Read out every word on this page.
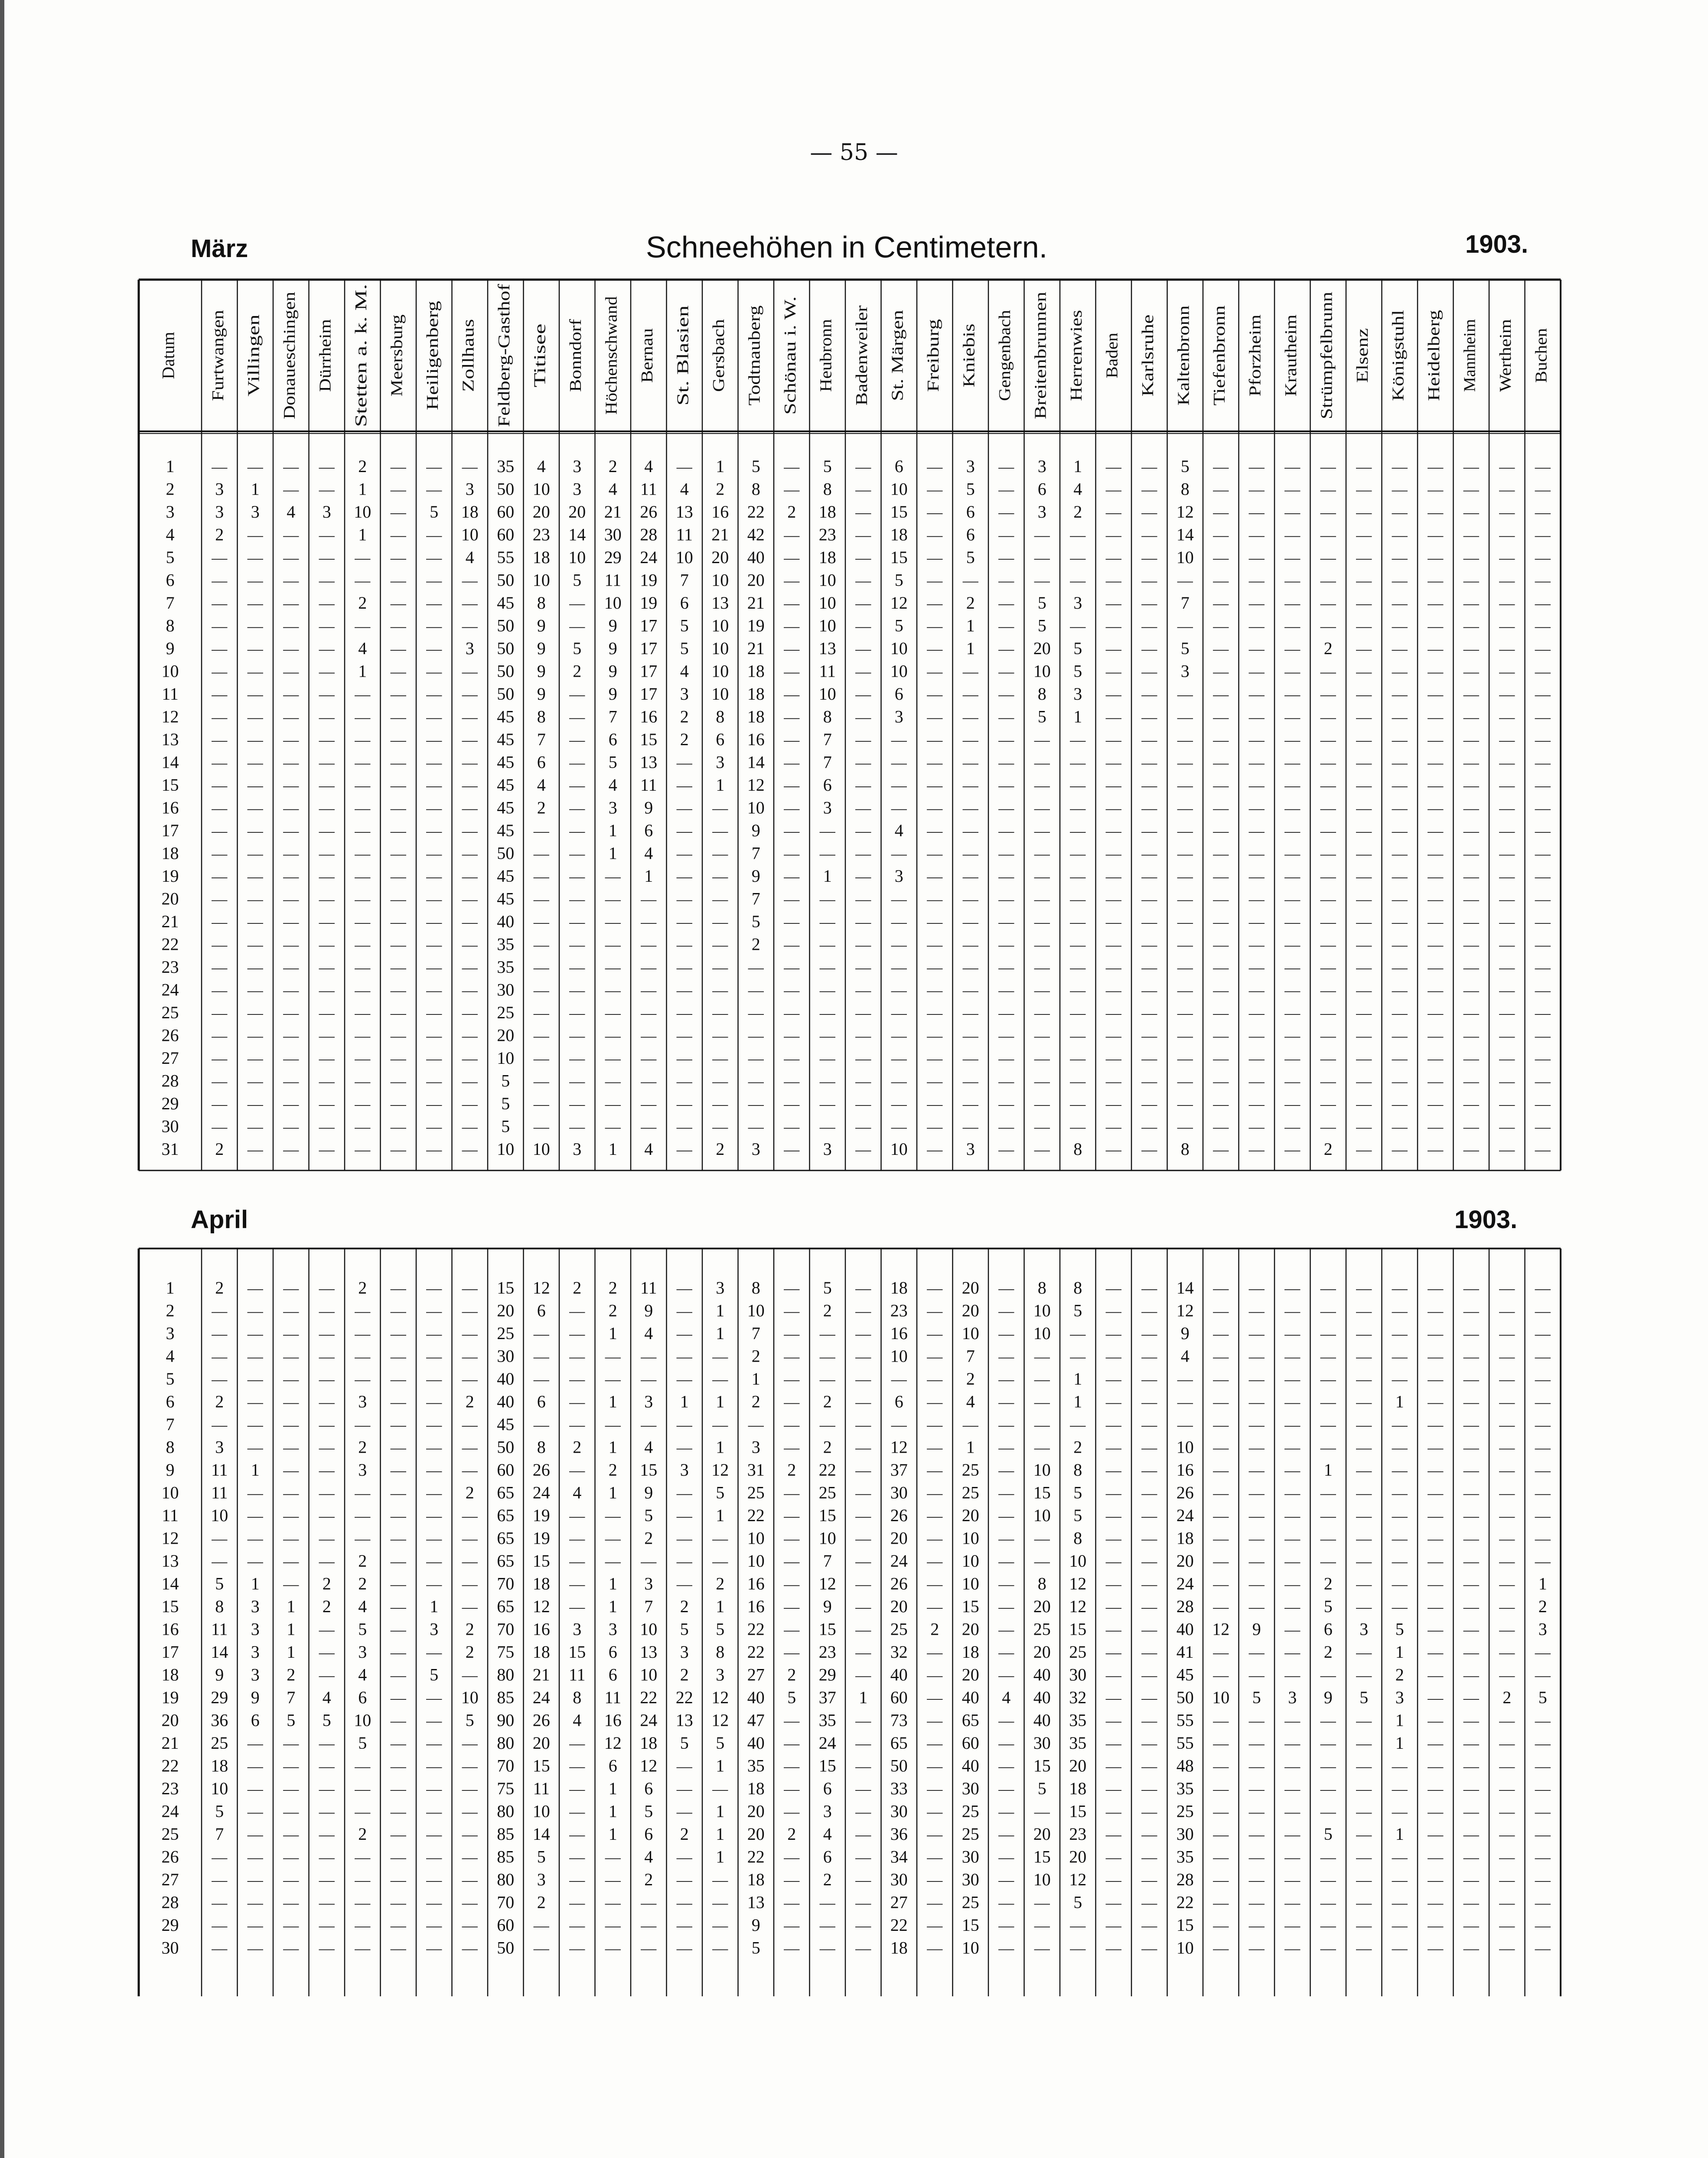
— 55 —
März	Schneehöhen in Centimetern.	1903.
April	1903.
Datum Furtwangen Villingen Donaueschingen Dürrheim Stetten a. k. M. Meersburg Heiligenberg Zollhaus Feldberg-Gasthof Titisee Bonndorf Höchenschwand Bernau St. Blasien Gersbach Todtnauberg Schönau i. W. Heubronn Badenweiler St. Märgen Freiburg Kniebis Gengenbach Breitenbrunnen Herrenwies Baden Karlsruhe Kaltenbronn Tiefenbronn Pforzheim Krautheim Strümpfelbrunn Elsenz Königstuhl Heidelberg Mannheim Wertheim Buchen
1 — — — — 2 — — — 35 4 3 2 4 — 1 5 — 5 — 6 — 3 — 3 1 — — 5 — — — — — — — — — —
2 3 1 — — 1 — — 3 50 10 3 4 11 4 2 8 — 8 — 10 — 5 — 6 4 — — 8 — — — — — — — — — —
3 3 3 4 3 10 — 5 18 60 20 20 21 26 13 16 22 2 18 — 15 — 6 — 3 2 — — 12 — — — — — — — — — —
4 2 — — — 1 — — 10 60 23 14 30 28 11 21 42 — 23 — 18 — 6 — — — — — 14 — — — — — — — — — —
5 — — — — — — — 4 55 18 10 29 24 10 20 40 — 18 — 15 — 5 — — — — — 10 — — — — — — — — — —
6 — — — — — — — — 50 10 5 11 19 7 10 20 — 10 — 5 — — — — — — — — — — — — — — — — — —
7 — — — — 2 — — — 45 8 — 10 19 6 13 21 — 10 — 12 — 2 — 5 3 — — 7 — — — — — — — — — —
8 — — — — — — — — 50 9 — 9 17 5 10 19 — 10 — 5 — 1 — 5 — — — — — — — — — — — — — —
9 — — — — 4 — — 3 50 9 5 9 17 5 10 21 — 13 — 10 — 1 — 20 5 — — 5 — — — 2 — — — — — —
10 — — — — 1 — — — 50 9 2 9 17 4 10 18 — 11 — 10 — — — 10 5 — — 3 — — — — — — — — — —
11 — — — — — — — — 50 9 — 9 17 3 10 18 — 10 — 6 — — — 8 3 — — — — — — — — — — — — —
12 — — — — — — — — 45 8 — 7 16 2 8 18 — 8 — 3 — — — 5 1 — — — — — — — — — — — — —
13 — — — — — — — — 45 7 — 6 15 2 6 16 — 7 — — — — — — — — — — — — — — — — — — — —
14 — — — — — — — — 45 6 — 5 13 — 3 14 — 7 — — — — — — — — — — — — — — — — — — — —
15 — — — — — — — — 45 4 — 4 11 — 1 12 — 6 — — — — — — — — — — — — — — — — — — — —
16 — — — — — — — — 45 2 — 3 9 — — 10 — 3 — — — — — — — — — — — — — — — — — — — —
17 — — — — — — — — 45 — — 1 6 — — 9 — — — 4 — — — — — — — — — — — — — — — — — —
18 — — — — — — — — 50 — — 1 4 — — 7 — — — — — — — — — — — — — — — — — — — — — —
19 — — — — — — — — 45 — — — 1 — — 9 — 1 — 3 — — — — — — — — — — — — — — — — — —
20 — — — — — — — — 45 — — — — — — 7 — — — — — — — — — — — — — — — — — — — — — —
21 — — — — — — — — 40 — — — — — — 5 — — — — — — — — — — — — — — — — — — — — — —
22 — — — — — — — — 35 — — — — — — 2 — — — — — — — — — — — — — — — — — — — — — —
23 — — — — — — — — 35 — — — — — — — — — — — — — — — — — — — — — — — — — — — — —
24 — — — — — — — — 30 — — — — — — — — — — — — — — — — — — — — — — — — — — — — —
25 — — — — — — — — 25 — — — — — — — — — — — — — — — — — — — — — — — — — — — — —
26 — — — — — — — — 20 — — — — — — — — — — — — — — — — — — — — — — — — — — — — —
27 — — — — — — — — 10 — — — — — — — — — — — — — — — — — — — — — — — — — — — — —
28 — — — — — — — — 5 — — — — — — — — — — — — — — — — — — — — — — — — — — — — —
29 — — — — — — — — 5 — — — — — — — — — — — — — — — — — — — — — — — — — — — — —
30 — — — — — — — — 5 — — — — — — — — — — — — — — — — — — — — — — — — — — — — —
31 2 — — — — — — — 10 10 3 1 4 — 2 3 — 3 — 10 — 3 — — 8 — — 8 — — — 2 — — — — — —
1 2 — — — 2 — — — 15 12 2 2 11 — 3 8 — 5 — 18 — 20 — 8 8 — — 14 — — — — — — — — — —
2 — — — — — — — — 20 6 — 2 9 — 1 10 — 2 — 23 — 20 — 10 5 — — 12 — — — — — — — — — —
3 — — — — — — — — 25 — — 1 4 — 1 7 — — — 16 — 10 — 10 — — — 9 — — — — — — — — — —
4 — — — — — — — — 30 — — — — — — 2 — — — 10 — 7 — — — — — 4 — — — — — — — — — —
5 — — — — — — — — 40 — — — — — — 1 — — — — — 2 — — 1 — — — — — — — — — — — — —
6 2 — — — 3 — — 2 40 6 — 1 3 1 1 2 — 2 — 6 — 4 — — 1 — — — — — — — — 1 — — — —
7 — — — — — — — — 45 — — — — — — — — — — — — — — — — — — — — — — — — — — — — —
8 3 — — — 2 — — — 50 8 2 1 4 — 1 3 — 2 — 12 — 1 — — 2 — — 10 — — — — — — — — — —
9 11 1 — — 3 — — — 60 26 — 2 15 3 12 31 2 22 — 37 — 25 — 10 8 — — 16 — — — 1 — — — — — —
10 11 — — — — — — 2 65 24 4 1 9 — 5 25 — 25 — 30 — 25 — 15 5 — — 26 — — — — — — — — — —
11 10 — — — — — — — 65 19 — — 5 — 1 22 — 15 — 26 — 20 — 10 5 — — 24 — — — — — — — — — —
12 — — — — — — — — 65 19 — — 2 — — 10 — 10 — 20 — 10 — — 8 — — 18 — — — — — — — — — —
13 — — — — 2 — — — 65 15 — — — — — 10 — 7 — 24 — 10 — — 10 — — 20 — — — — — — — — — —
14 5 1 — 2 2 — — — 70 18 — 1 3 — 2 16 — 12 — 26 — 10 — 8 12 — — 24 — — — 2 — — — — — 1
15 8 3 1 2 4 — 1 — 65 12 — 1 7 2 1 16 — 9 — 20 — 15 — 20 12 — — 28 — — — 5 — — — — — 2
16 11 3 1 — 5 — 3 2 70 16 3 3 10 5 5 22 — 15 — 25 2 20 — 25 15 — — 40 12 9 — 6 3 5 — — — 3
17 14 3 1 — 3 — — 2 75 18 15 6 13 3 8 22 — 23 — 32 — 18 — 20 25 — — 41 — — — 2 — 1 — — — —
18 9 3 2 — 4 — 5 — 80 21 11 6 10 2 3 27 2 29 — 40 — 20 — 40 30 — — 45 — — — — — 2 — — — —
19 29 9 7 4 6 — — 10 85 24 8 11 22 22 12 40 5 37 1 60 — 40 4 40 32 — — 50 10 5 3 9 5 3 — — 2 5
20 36 6 5 5 10 — — 5 90 26 4 16 24 13 12 47 — 35 — 73 — 65 — 40 35 — — 55 — — — — — 1 — — — —
21 25 — — — 5 — — — 80 20 — 12 18 5 5 40 — 24 — 65 — 60 — 30 35 — — 55 — — — — — 1 — — — —
22 18 — — — — — — — 70 15 — 6 12 — 1 35 — 15 — 50 — 40 — 15 20 — — 48 — — — — — — — — — —
23 10 — — — — — — — 75 11 — 1 6 — — 18 — 6 — 33 — 30 — 5 18 — — 35 — — — — — — — — — —
24 5 — — — — — — — 80 10 — 1 5 — 1 20 — 3 — 30 — 25 — — 15 — — 25 — — — — — — — — — —
25 7 — — — 2 — — — 85 14 — 1 6 2 1 20 2 4 — 36 — 25 — 20 23 — — 30 — — — 5 — 1 — — — —
26 — — — — — — — — 85 5 — — 4 — 1 22 — 6 — 34 — 30 — 15 20 — — 35 — — — — — — — — — —
27 — — — — — — — — 80 3 — — 2 — — 18 — 2 — 30 — 30 — 10 12 — — 28 — — — — — — — — — —
28 — — — — — — — — 70 2 — — — — — 13 — — — 27 — 25 — — 5 — — 22 — — — — — — — — — —
29 — — — — — — — — 60 — — — — — — 9 — — — 22 — 15 — — — — — 15 — — — — — — — — — —
30 — — — — — — — — 50 — — — — — — 5 — — — 18 — 10 — — — — — 10 — — — — — — — — — —
